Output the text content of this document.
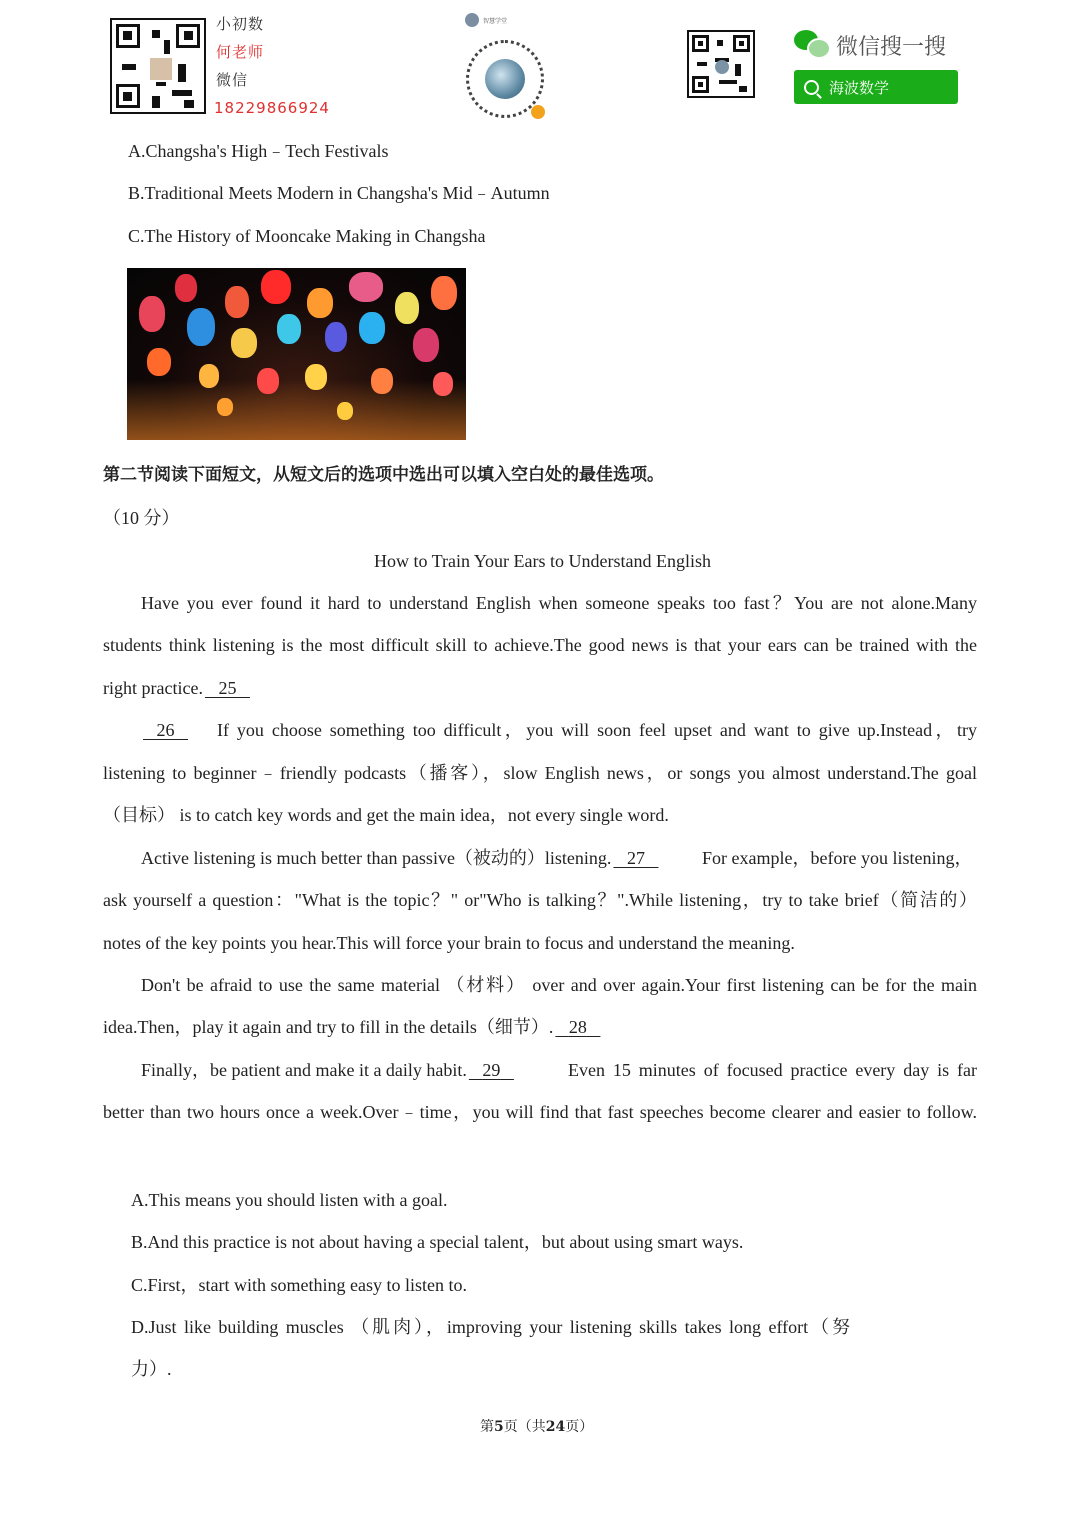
小初数
何老师
微信
18229866924
智慧学堂
微信搜一搜
海波数学
A.Changsha's High﹣Tech Festivals
B.Traditional Meets Modern in Changsha's Mid﹣Autumn
C.The History of Mooncake Making in Changsha
第二节阅读下面短文，从短文后的选项中选出可以填入空白处的最佳选项。
（10 分）
How to Train Your Ears to Understand English
Have you ever found it hard to understand English when someone speaks too fast？You are not alone.Many
students think listening is the most difficult skill to achieve.The good news is that your ears can be trained with the
right practice. 25
26	If you choose something too difficult，you will soon feel upset and want to give up.Instead，try
listening to beginner﹣friendly podcasts（播客），slow English news，or songs you almost understand.The goal
（目标） is to catch key words and get the main idea，not every single word.
Active listening is much better than passive（被动的）listening. 27	For example，before you listening，
ask yourself a question："What is the topic？" or"Who is talking？".While listening，try to take brief（简洁的）
notes of the key points you hear.This will force your brain to focus and understand the meaning.
Don't be afraid to use the same material （材料） over and over again.Your first listening can be for the main
idea.Then，play it again and try to fill in the details（细节）. 28
Finally，be patient and make it a daily habit. 29	Even 15 minutes of focused practice every day is far
better than two hours once a week.Over﹣time，you will find that fast speeches become clearer and easier to follow.
A.This means you should listen with a goal.
B.And this practice is not about having a special talent，but about using smart ways.
C.First，start with something easy to listen to.
D.Just like building muscles （肌肉），improving your listening skills takes long effort（努
力）.
第5页（共24页）
